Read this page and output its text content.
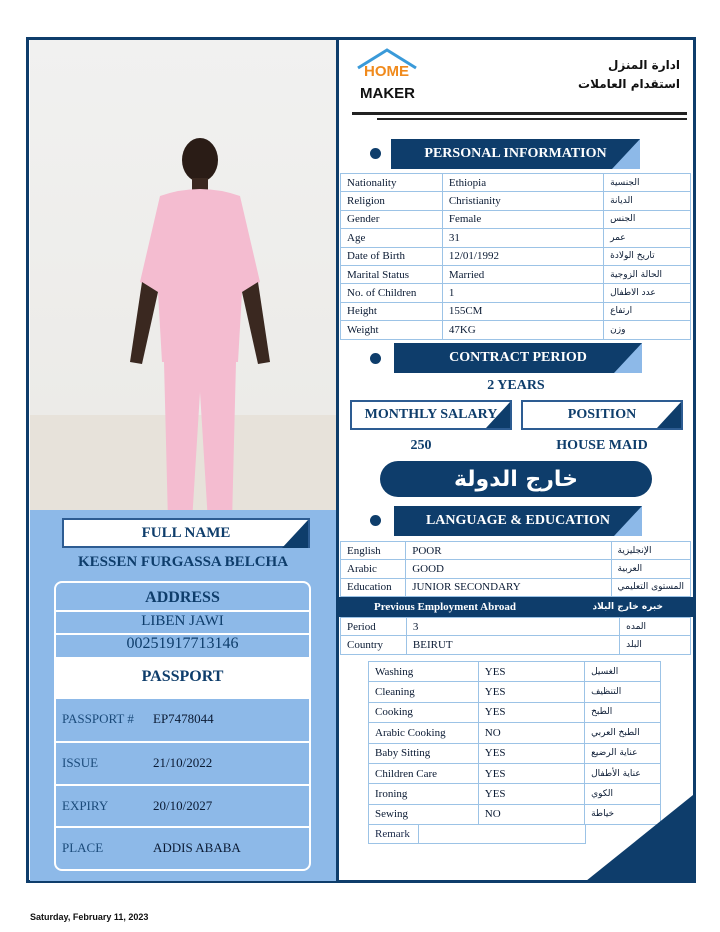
FULL NAME
KESSEN FURGASSA BELCHA
ADDRESS
LIBEN JAWI
00251917713146
PASSPORT
PASSPORT #	EP7478044
ISSUE	21/10/2022
EXPIRY	20/10/2027
PLACE	ADDIS ABABA
HOME
MAKER
ادارة المنزل
استقدام العاملات
PERSONAL INFORMATION
Nationality	Ethiopia	الجنسية
Religion	Christianity	الديانة
Gender	Female	الجنس
Age	31	عمر
Date of Birth	12/01/1992	تاريخ الولادة
Marital Status	Married	الحالة الزوجية
No. of Children	1	عدد الاطفال
Height	155CM	ارتفاع
Weight	47KG	وزن
CONTRACT PERIOD
2 YEARS
MONTHLY SALARY	POSITION
250	HOUSE MAID
خارج الدولة
LANGUAGE & EDUCATION
English	POOR	الإنجليزية
Arabic	GOOD	العربية
Education	JUNIOR SECONDARY	المستوى التعليمي
Previous Employment Abroad	خبره خارج البلاد
Period	3	المده
Country	BEIRUT	البلد
Washing	YES	الغسيل
Cleaning	YES	التنظيف
Cooking	YES	الطبخ
Arabic Cooking	NO	الطبخ العربي
Baby Sitting	YES	عناية الرضيع
Children Care	YES	عناية الأطفال
Ironing	YES	الكوي
Sewing	NO	خياطة
Remark
Saturday, February 11, 2023
